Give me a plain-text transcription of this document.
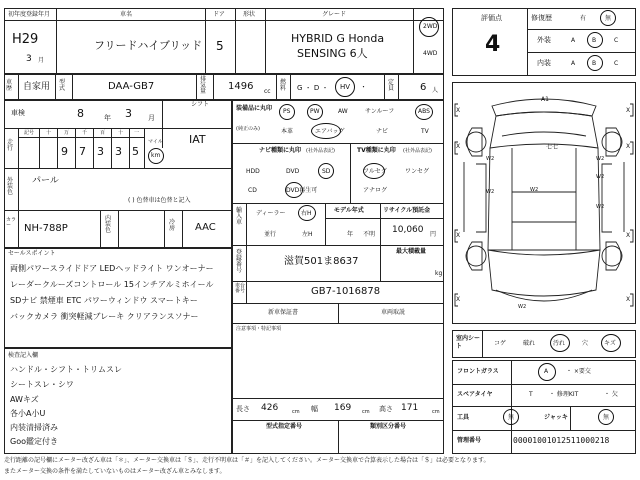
初年度登録年月	車名	ドア	形状	グレード
H29
3 月
フリードハイブリッド 5
HYBRID G Honda
SENSING 6人
2WD
4WD
車歴	自家用 型式	DAA-GB7
排気量	1496 cc
燃料	G ・ D ・ HV ・
定員	6 人
車検	8	年 3 月
シフト
IAT
走行
記号 十	万	千	百	十 一
9 7 3 3 5
マイル
km
外装色
パール
( ) 色替車は色替と記入
カラー	NH-788P
内装色
冷房 AAC
セールスポイント
両側パワースライドドア LEDヘッドライト ワンオーナー
レーダークルーズコントロール 15インチアルミホイール
SDナビ 禁煙車 ETC パワーウィンドウ スマートキー
バックカメラ 衝突軽減ブレーキ クリアランスソナー
検査記入欄
ハンドル・シフト・トリムスレ
シートスレ・シワ
AWキズ
各小A小U
内装清掃済み
Goo鑑定付き
装備品に丸印
(純正のみ)
PS	PW	AW	サンルーフ	ABS
本革	エアバッグ	ナビ	TV
ナビ種類に丸印 (社外品表記)
HDD	DVD	SD
CD	DVD再生可
TV種類に丸印 (社外品表記)
フルセグ	ワンセグ
アナログ
輸入車
ディーラー	右H
並行	左H
モデル年式
年 不明
リサイクル預託金
10,060 円
登録番号
滋賀501ま8637
最大積載量
kg
車台番号	GB7-1016878
新車保証書	車両取説
注意事項・特記事項
長さ 426	cm 幅 169 cm 高さ 171	cm
型式指定番号	類別区分番号
評価点
4
修復歴	有	無
外装	A	B	C
内装	A	B	C
A1
七七
W2	W2
W2
W2	W2
W2
W2
X	X
X	X
X	X
X	X
室内シート	コゲ	破れ	汚れ	穴	キズ
フロントガラス	A	・ ×要交
スペアタイヤ	T	・ 修理KIT	・ 欠
工具	無	ジャッキ	無
管理番号	00001001012511000218
走行距離の記号欄にメーター改ざん車は「＊」、メーター交換車は「＄」、走行不明車は「＃」を記入してください。メーター交換車で合算表示した場合は「＄」は必要となります。
またメーター交換の条件を満たしていないものはメーター改ざん車とみなします。
